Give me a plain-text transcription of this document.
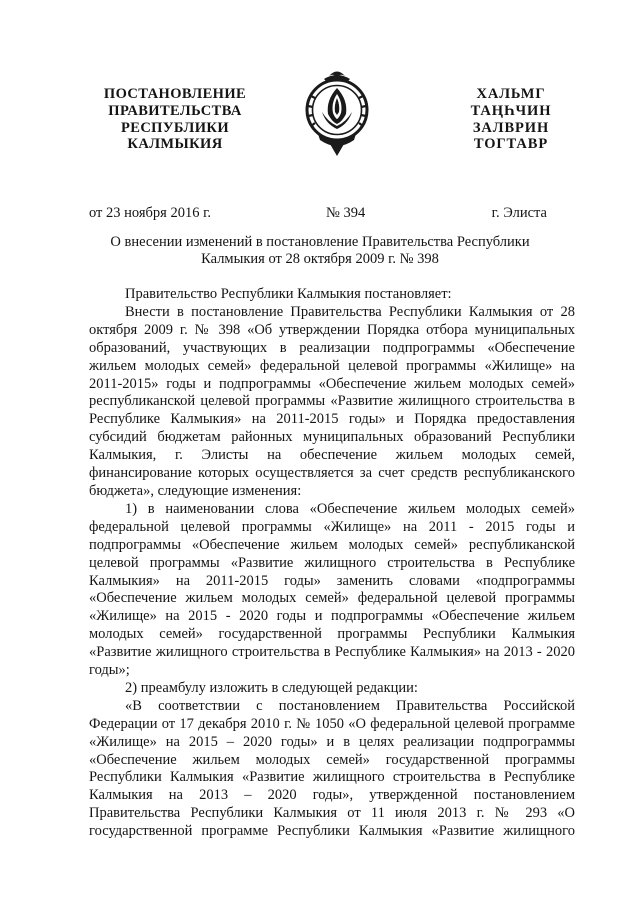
ПОСТАНОВЛЕНИЕ
ПРАВИТЕЛЬСТВА
РЕСПУБЛИКИ
КАЛМЫКИЯ
ХАЛЬМГ
ТАҢҺЧИН
ЗАЛВРИН
ТОГТАВР
от 23 ноября 2016 г.	№ 394	г. Элиста
О внесении изменений в постановление Правительства Республики
Калмыкия от 28 октября 2009 г. № 398

Правительство Республики Калмыкия постановляет:

Внести в постановление Правительства Республики Калмыкия от 28

октября 2009 г. № 398 «Об утверждении Порядка отбора муниципальных

образований, участвующих в реализации подпрограммы «Обеспечение

жильем молодых семей» федеральной целевой программы «Жилище» на

2011-2015» годы и подпрограммы «Обеспечение жильем молодых семей»

республиканской целевой программы «Развитие жилищного строительства в

Республике Калмыкия» на 2011-2015 годы» и Порядка предоставления

субсидий бюджетам районных муниципальных образований Республики

Калмыкия, г. Элисты на обеспечение жильем молодых семей,

финансирование которых осуществляется за счет средств республиканского

бюджета», следующие изменения:

1) в наименовании слова «Обеспечение жильем молодых семей»

федеральной целевой программы «Жилище» на 2011 - 2015 годы и

подпрограммы «Обеспечение жильем молодых семей» республиканской

целевой программы «Развитие жилищного строительства в Республике

Калмыкия» на 2011-2015 годы» заменить словами «подпрограммы

«Обеспечение жильем молодых семей» федеральной целевой программы

«Жилище» на 2015 - 2020 годы и подпрограммы «Обеспечение жильем

молодых семей» государственной программы Республики Калмыкия

«Развитие жилищного строительства в Республике Калмыкия» на 2013 - 2020

годы»;

2) преамбулу изложить в следующей редакции:

«В соответствии с постановлением Правительства Российской

Федерации от 17 декабря 2010 г. № 1050 «О федеральной целевой программе

«Жилище» на 2015 – 2020 годы» и в целях реализации подпрограммы

«Обеспечение жильем молодых семей» государственной программы

Республики Калмыкия «Развитие жилищного строительства в Республике

Калмыкия на 2013 – 2020 годы», утвержденной постановлением

Правительства Республики Калмыкия от 11 июля 2013 г. № 293 «О

государственной программе Республики Калмыкия «Развитие жилищного
